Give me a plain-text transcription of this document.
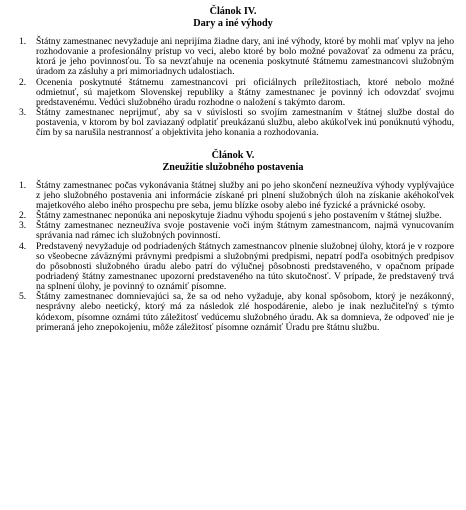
Článok IV.
Dary a iné výhody
1. Štátny zamestnanec nevyžaduje ani neprijíma žiadne dary, ani iné výhody, ktoré by mohli mať vplyv na jeho rozhodovanie a profesionálny prístup vo veci, alebo ktoré by bolo možné považovať za odmenu za prácu, ktorá je jeho povinnosťou. To sa nevzťahuje na ocenenia poskytnuté štátnemu zamestnancovi služobným úradom za zásluhy a pri mimoriadnych udalostiach.
2. Ocenenia poskytnuté štátnemu zamestnancovi pri oficiálnych príležitostiach, ktoré nebolo možné odmietnuť, sú majetkom Slovenskej republiky a štátny zamestnanec je povinný ich odovzdať svojmu predstavenému. Vedúci služobného úradu rozhodne o naložení s takýmto darom.
3. Štátny zamestnanec neprijmuť, aby sa v súvislosti so svojím zamestnaním v štátnej službe dostal do postavenia, v ktorom by bol zaviazaný odplatiť preukázanú službu, alebo akúkoľvek inú ponúknutú výhodu, čím by sa narušila nestrannosť a objektivita jeho konania a rozhodovania.
Článok V.
Zneužitie služobného postavenia
1. Štátny zamestnanec počas vykonávania štátnej služby ani po jeho skončení nezneužíva výhody vyplývajúce z jeho služobného postavenia ani informácie získané pri plnení služobných úloh na získanie akéhokoľvek majetkového alebo iného prospechu pre seba, jemu blízke osoby alebo iné fyzické a právnické osoby.
2. Štátny zamestnanec neponúka ani neposkytuje žiadnu výhodu spojenú s jeho postavením v štátnej službe.
3. Štátny zamestnanec nezneužíva svoje postavenie voči iným štátnym zamestnancom, najmä vynucovaním správania nad rámec ich služobných povinností.
4. Predstavený nevyžaduje od podriadených štátnych zamestnancov plnenie služobnej úlohy, ktorá je v rozpore so všeobecne záväznými právnymi predpismi a služobnými predpismi, nepatrí podľa osobitných predpisov do pôsobnosti služobného úradu alebo patrí do výlučnej pôsobnosti predstaveného, v opačnom prípade podriadený štátny zamestnanec upozorní predstaveného na túto skutočnosť. V prípade, že predstavený trvá na splnení úlohy, je povinný to oznámiť písomne.
5. Štátny zamestnanec domnievajúci sa, že sa od neho vyžaduje, aby konal spôsobom, ktorý je nezákonný, nesprávny alebo neetický, ktorý má za následok zlé hospodárenie, alebo je inak nezlučiteľný s týmto kódexom, písomne oznámi túto záležitosť vedúcemu služobného úradu. Ak sa domnieva, že odpoveď nie je primeraná jeho znepokojeniu, môže záležitosť písomne oznámiť Úradu pre štátnu službu.
